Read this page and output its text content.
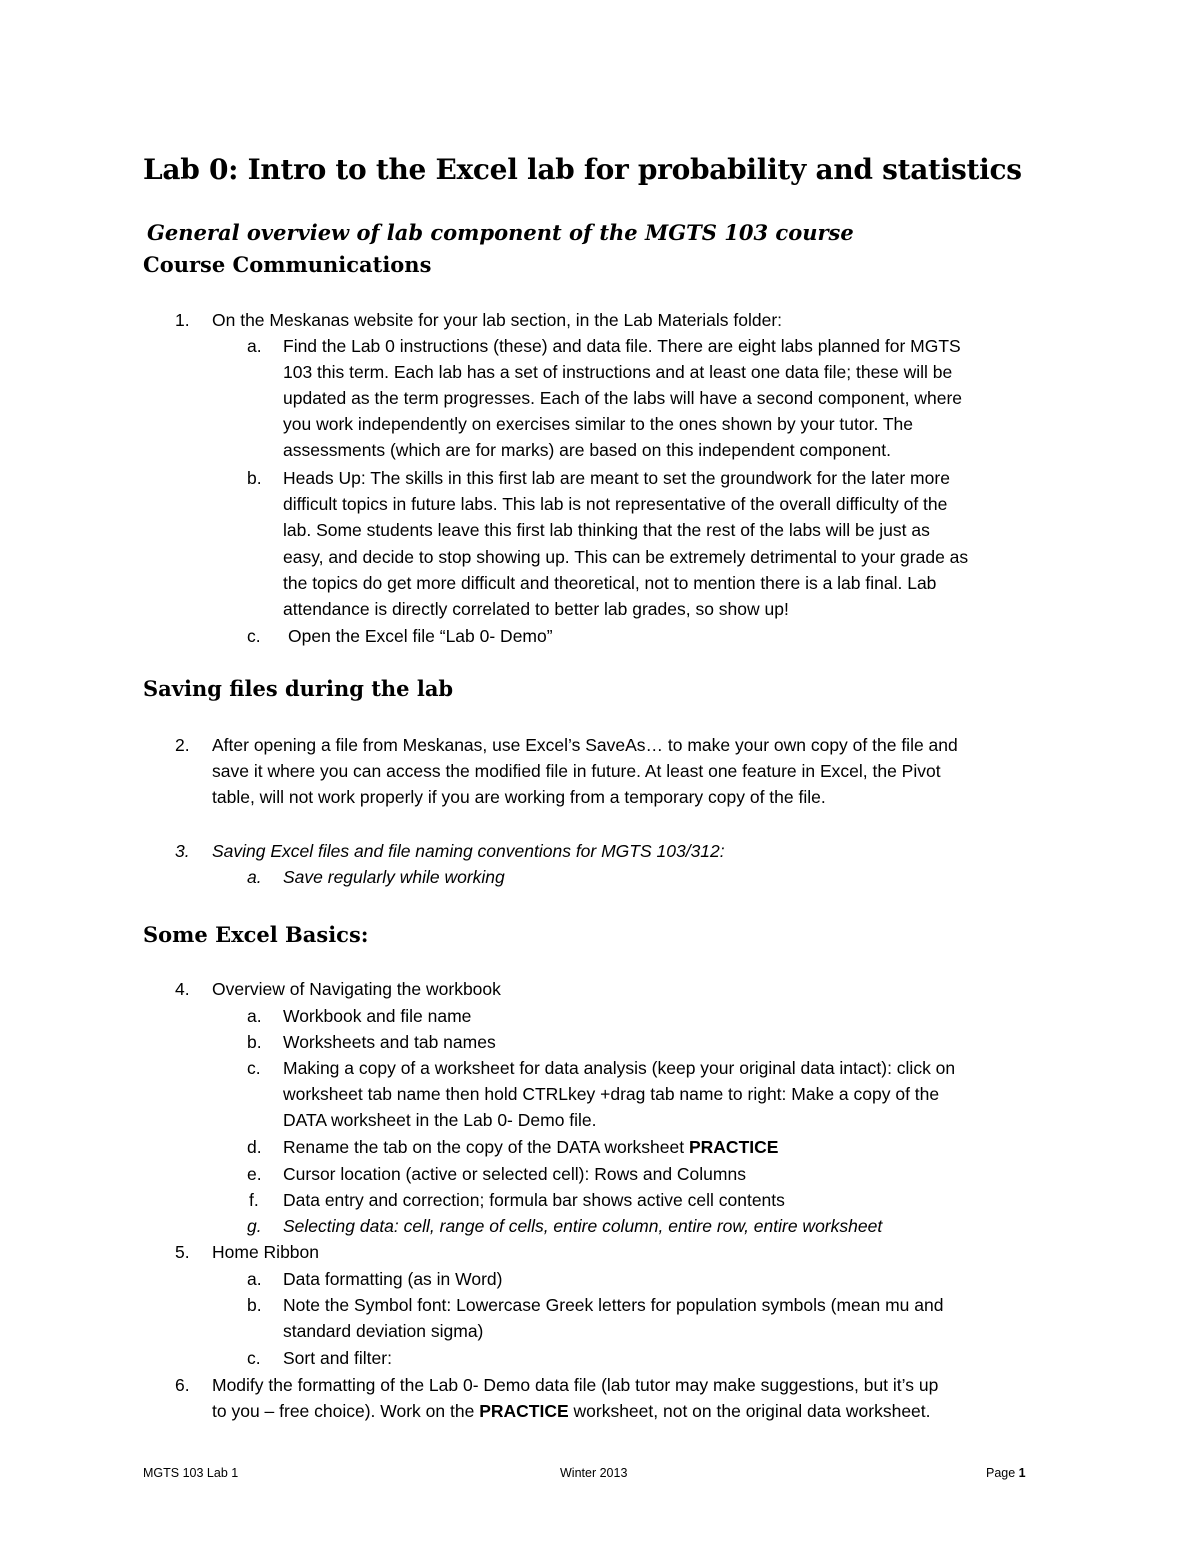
Lab 0: Intro to the Excel lab for probability and statistics
General overview of lab component of the MGTS 103 course
Course Communications
1. On the Meskanas website for your lab section, in the Lab Materials folder:
a. Find the Lab 0 instructions (these) and data file. There are eight labs planned for MGTS
103 this term. Each lab has a set of instructions and at least one data file; these will be
updated as the term progresses. Each of the labs will have a second component, where
you work independently on exercises similar to the ones shown by your tutor. The
assessments (which are for marks) are based on this independent component.
b. Heads Up: The skills in this first lab are meant to set the groundwork for the later more
difficult topics in future labs. This lab is not representative of the overall difficulty of the
lab. Some students leave this first lab thinking that the rest of the labs will be just as
easy, and decide to stop showing up. This can be extremely detrimental to your grade as
the topics do get more difficult and theoretical, not to mention there is a lab final. Lab
attendance is directly correlated to better lab grades, so show up!
c. Open the Excel file “Lab 0- Demo”
Saving files during the lab
2. After opening a file from Meskanas, use Excel’s SaveAs… to make your own copy of the file and
save it where you can access the modified file in future. At least one feature in Excel, the Pivot
table, will not work properly if you are working from a temporary copy of the file.
3. Saving Excel files and file naming conventions for MGTS 103/312:
a. Save regularly while working
Some Excel Basics:
4. Overview of Navigating the workbook
a. Workbook and file name
b. Worksheets and tab names
c. Making a copy of a worksheet for data analysis (keep your original data intact): click on
worksheet tab name then hold CTRLkey +drag tab name to right: Make a copy of the
DATA worksheet in the Lab 0- Demo file.
d. Rename the tab on the copy of the DATA worksheet PRACTICE
e. Cursor location (active or selected cell): Rows and Columns
f. Data entry and correction; formula bar shows active cell contents
g. Selecting data: cell, range of cells, entire column, entire row, entire worksheet
5. Home Ribbon
a. Data formatting (as in Word)
b. Note the Symbol font: Lowercase Greek letters for population symbols (mean mu and
standard deviation sigma)
c. Sort and filter:
6. Modify the formatting of the Lab 0- Demo data file (lab tutor may make suggestions, but it’s up
to you – free choice). Work on the PRACTICE worksheet, not on the original data worksheet.
MGTS 103 Lab 1	Winter 2013	Page 1
